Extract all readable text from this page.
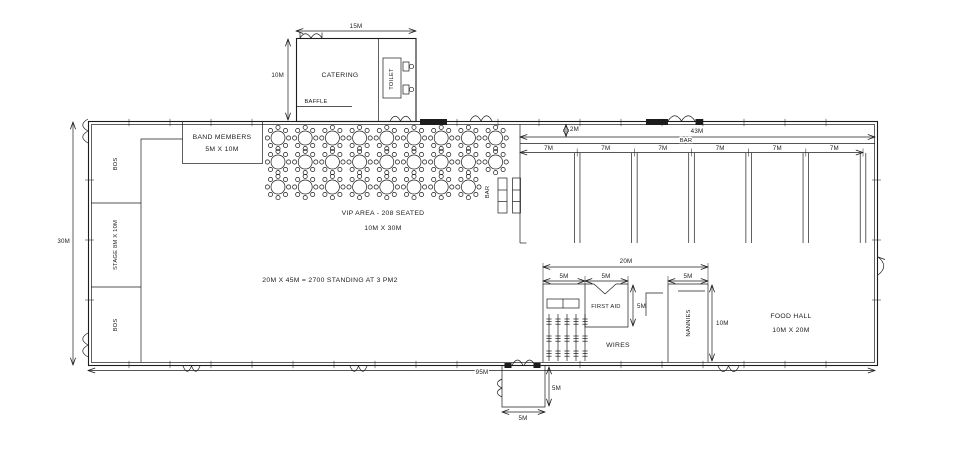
7M	7M	7M	7M	7M	7M
15M
10M	CATERING	TOILET
BAFFLE
BAND MEMBERS
5M X 10M
BOS
STAGE 8M X 10M
BOS
30M
95M
VIP AREA - 208 SEATED
10M X 30M
BAR
43M
2M
BAR
20M X 45M = 2700 STANDING AT 3 PM2
20M
5M	5M	5M
FIRST AID	5M
WIRES
NANNIES	10M
FOOD HALL
10M X 20M
5M
5M
